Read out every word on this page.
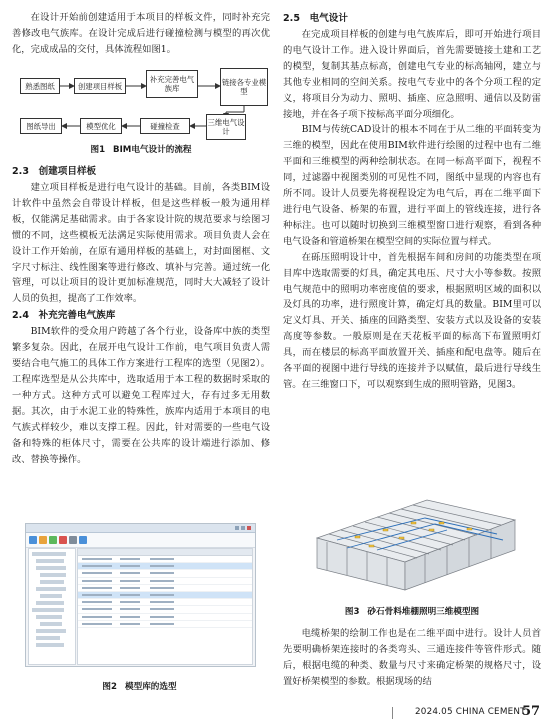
在设计开始前创建适用于本项目的样板文件，同时补充完善修改电气族库。在设计完成后进行碰撞检测与模型的再次优化，完成成品的交付，具体流程如图1。

熟悉图纸	创建项目样板
补充完善电气族库
链接各专业模型
图纸导出	模型优化	碰撞检查	三维电气设计
图1 BIM电气设计的流程
2.3　创建项目样板

建立项目样板是进行电气设计的基础。目前，各类BIM设计软件中虽然会自带设计样板，但是这些样板一般为通用样板，仅能满足基础需求。由于各家设计院的规范要求与绘图习惯的不同，这些模板无法满足实际使用需求。项目负责人会在设计工作开始前，在原有通用样板的基础上，对封面图框、文字尺寸标注、线性图案等进行修改、填补与完善。通过统一化管理，可以让项目的设计更加标准规范，同时大大减轻了设计人员的负担，提高了工作效率。

2.4　补充完善电气族库

BIM软件的受众用户跨越了各个行业，设备库中族的类型繁多复杂。因此，在展开电气设计工作前，电气项目负责人需要结合电气施工的具体工作方案进行工程库的选型（见图2）。工程库选型是从公共库中，选取适用于本工程的数据时采取的一种方式。这种方式可以避免工程库过大，存有过多无用数据。其次，由于水泥工业的特殊性，族库内适用于本项目的电气族式样较少，难以支撑工程。因此，针对需要的一些电气设备和特殊的柜体尺寸，需要在公共库的设计端进行添加、修改、替换等操作。

图2 模型库的选型
2.5　电气设计

在完成项目样板的创建与电气族库后，即可开始进行项目的电气设计工作。进入设计界面后，首先需要链接土建和工艺的模型，复制其基点标高，创建电气专业的标高轴网，建立与其他专业相同的空间关系。按电气专业中的各个分项工程的定义，将项目分为动力、照明、插座、应急照明、通信以及防雷接地，并在各子项下按标高平面分项细化。

BIM与传统CAD设计的根本不同在于从二维的平面转变为三维的模型，因此在使用BIM软件进行绘图的过程中也有二维平面和三维模型的两种绘制状态。在同一标高平面下，视程不同，过滤器中视图类别的可见性不同，图纸中显现的内容也有所不同。设计人员要先将视程设定为电气后，再在二维平面下进行电气设备、桥架的布置，进行平面上的管线连接，进行各种标注。也可以随时切换到三维模型窗口进行观察，看到各种电气设备和管道桥架在模型空间的实际位置与样式。

在砾压照明设计中，首先根据车间和房间的功能类型在项目库中选取需要的灯具，确定其电压、尺寸大小等参数。按照电气规范中的照明功率密度值的要求，根据照明区域的面积以及灯具的功率，进行照度计算，确定灯具的数量。BIM里可以定义灯具、开关、插座的回路类型、安装方式以及设备的安装高度等参数。一般原则是在天花板平面的标高下布置照明灯具，而在楼层的标高平面放置开关、插座和配电盘等。随后在各平面的视图中进行导线的连接并予以赋值，最后进行导线生管。在三维窗口下，可以观察到生成的照明管路，见图3。

图3 砂石骨料堆棚照明三维模型图

电缆桥架的绘制工作也是在二维平面中进行。设计人员首先要明确桥架连接时的各类弯头、三通连接件等管件形式。随后，根据电缆的种类、数量与尺寸来确定桥架的规格尺寸，设置好桥架模型的参数。根据现场的结

2024.05 CHINA CEMENT
57
